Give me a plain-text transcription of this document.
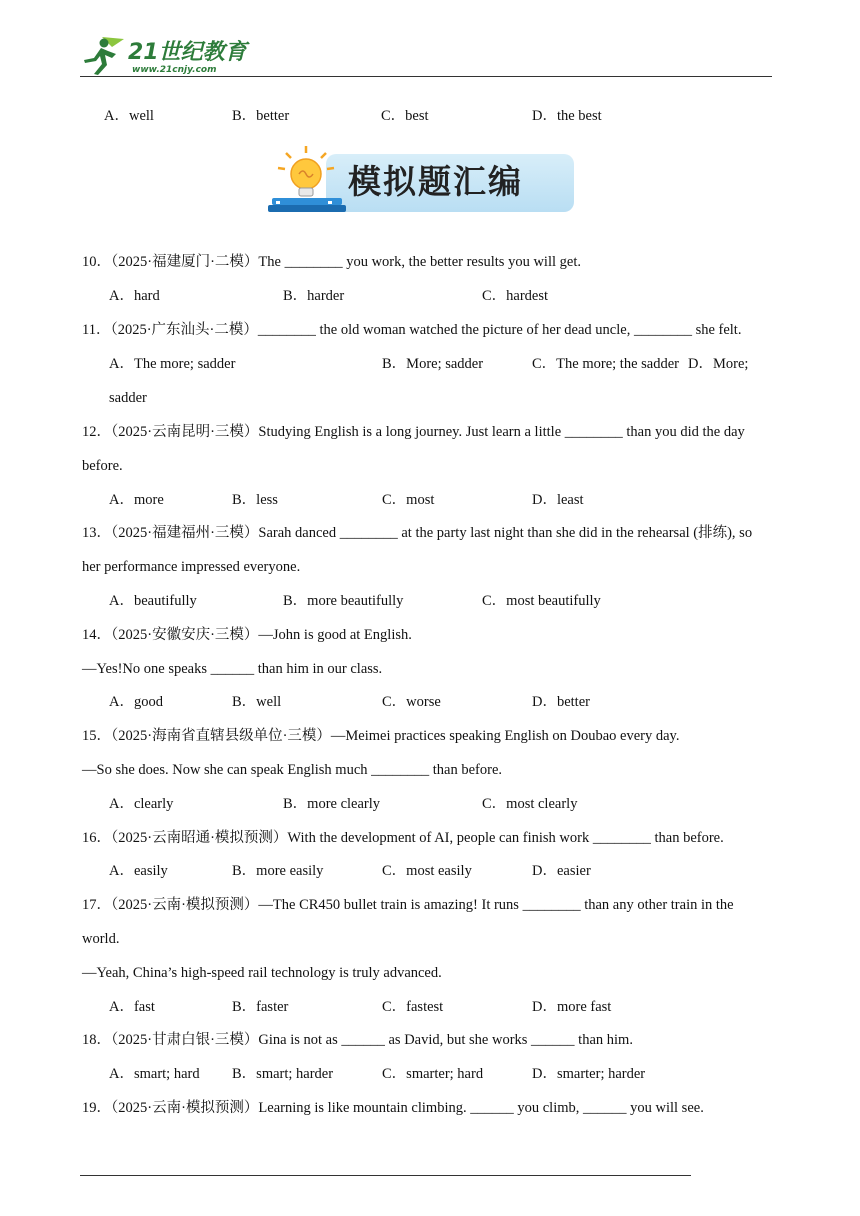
21世纪教育
www.21cnjy.com
A．well	B．better	C．best	D．the best
模拟题汇编
10．（2025·福建厦门·二模）The ________ you work, the better results you will get.
A．hard	B．harder	C．hardest
11．（2025·广东汕头·二模）________ the old woman watched the picture of her dead uncle, ________ she felt.
A．The more; sadder	B．More; sadder	C．The more; the sadder D．More;
sadder
12．（2025·云南昆明·三模）Studying English is a long journey. Just learn a little ________ than you did the day
before.
A．more	B．less	C．most	D．least
13．（2025·福建福州·三模）Sarah danced ________ at the party last night than she did in the rehearsal (排练), so
her performance impressed everyone.
A．beautifully	B．more beautifully	C．most beautifully
14．（2025·安徽安庆·三模）—John is good at English.
—Yes!No one speaks ______ than him in our class.
A．good	B．well	C．worse	D．better
15．（2025·海南省直辖县级单位·三模）—Meimei practices speaking English on Doubao every day.
—So she does. Now she can speak English much ________ than before.
A．clearly	B．more clearly	C．most clearly
16．（2025·云南昭通·模拟预测）With the development of AI, people can finish work ________ than before.
A．easily	B．more easily	C．most easily	D．easier
17．（2025·云南·模拟预测）—The CR450 bullet train is amazing! It runs ________ than any other train in the
world.
—Yeah, China’s high-speed rail technology is truly advanced.
A．fast	B．faster	C．fastest	D．more fast
18．（2025·甘肃白银·三模）Gina is not as ______ as David, but she works ______ than him.
A．smart; hard B．smart; harder	C．smarter; hard	D．smarter; harder
19．（2025·云南·模拟预测）Learning is like mountain climbing. ______ you climb, ______ you will see.
